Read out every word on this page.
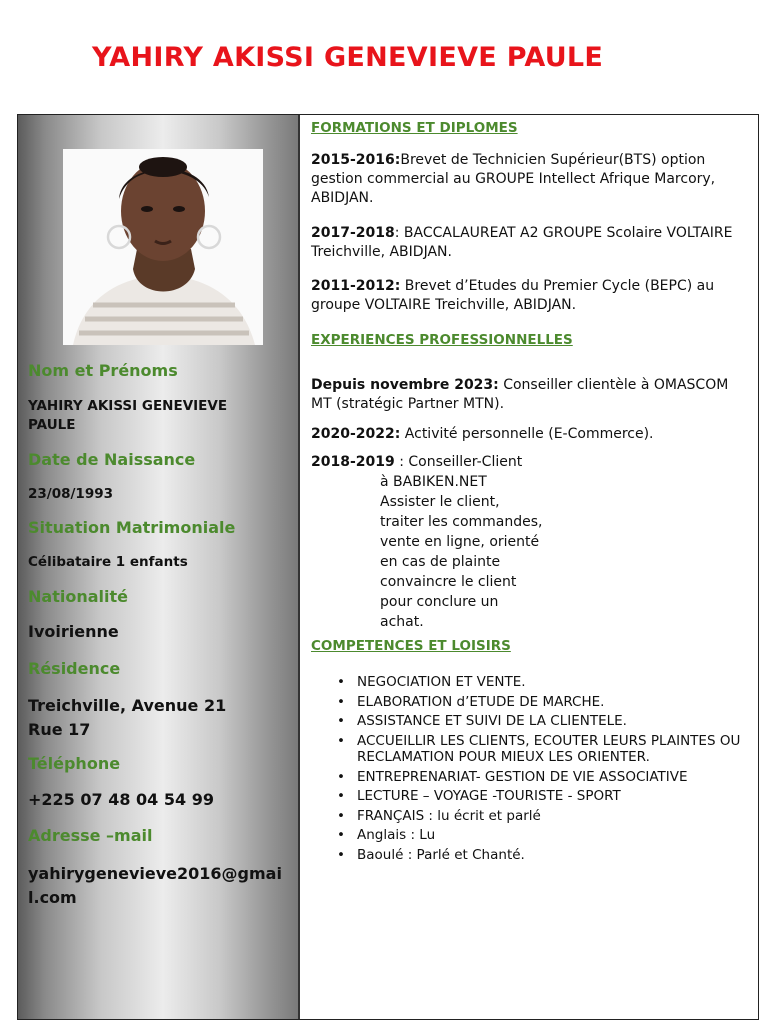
YAHIRY AKISSI GENEVIEVE PAULE
Nom et Prénoms
YAHIRY AKISSI GENEVIEVE PAULE
Date de Naissance
23/08/1993
Situation Matrimoniale
Célibataire 1 enfants
Nationalité
Ivoirienne
Résidence
Treichville, Avenue 21 Rue 17
Téléphone
+225 07 48 04 54 99
Adresse –mail
yahirygenevieve2016@gmail.com
FORMATIONS ET DIPLOMES
2015-2016:Brevet de Technicien Supérieur(BTS) option gestion commercial au GROUPE Intellect Afrique Marcory, ABIDJAN.
2017-2018: BACCALAUREAT A2 GROUPE Scolaire VOLTAIRE Treichville, ABIDJAN.
2011-2012: Brevet d’Etudes du Premier Cycle (BEPC) au groupe VOLTAIRE Treichville, ABIDJAN.
EXPERIENCES PROFESSIONNELLES
Depuis novembre 2023: Conseiller clientèle à OMASCOM MT (stratégic Partner MTN).
2020-2022: Activité personnelle (E-Commerce).
2018-2019 : Conseiller-Client
à BABIKEN.NET
Assister le client,
traiter les commandes,
vente en ligne, orienté
en cas de plainte
convaincre le client
pour conclure un
achat.
COMPETENCES ET LOISIRS
• NEGOCIATION ET VENTE.
• ELABORATION d’ETUDE DE MARCHE.
• ASSISTANCE ET SUIVI DE LA CLIENTELE.
• ACCUEILLIR LES CLIENTS, ECOUTER LEURS PLAINTES OU RECLAMATION POUR MIEUX LES ORIENTER.
• ENTREPRENARIAT- GESTION DE VIE ASSOCIATIVE
• LECTURE – VOYAGE -TOURISTE - SPORT
• FRANÇAIS : lu écrit et parlé
• Anglais : Lu
• Baoulé : Parlé et Chanté.
